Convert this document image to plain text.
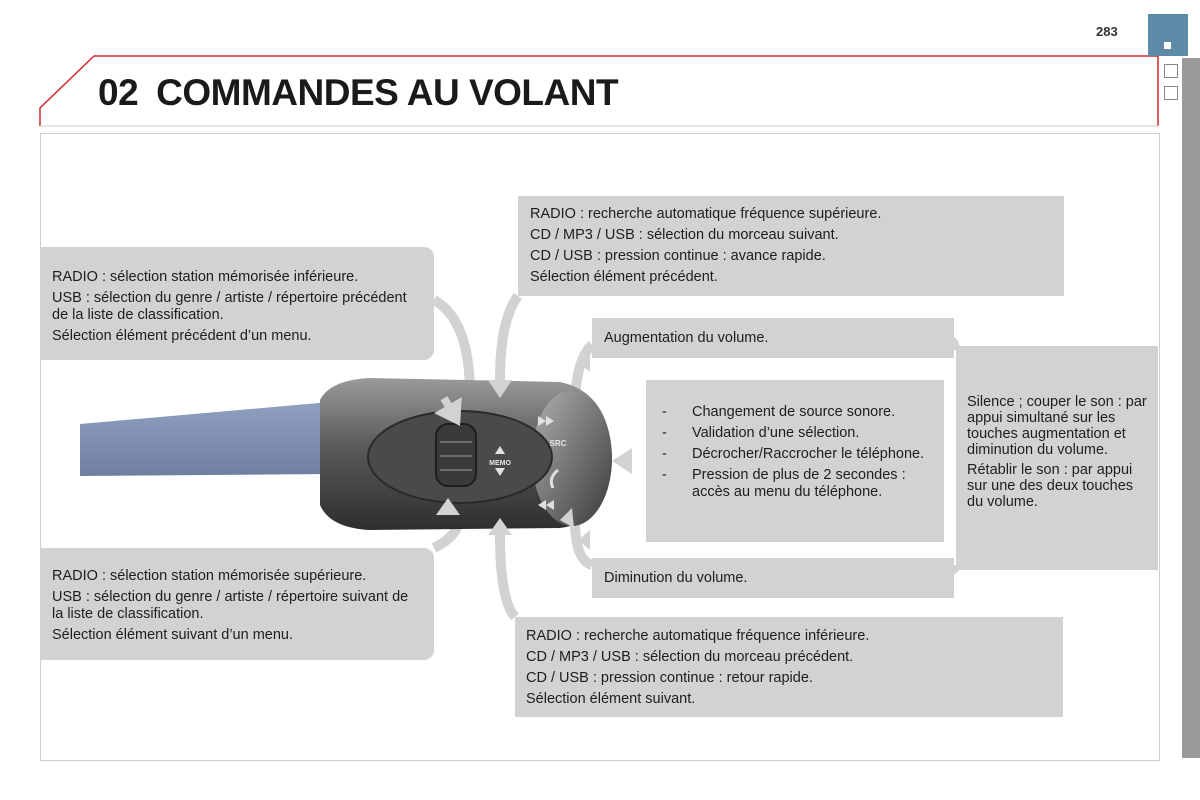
02 COMMANDES AU VOLANT
283

RADIO : sélection station mémorisée inférieure.

USB : sélection du genre / artiste / répertoire précédent de la liste de classification.

Sélection élément précédent d’un menu.

RADIO : sélection station mémorisée supérieure.

USB : sélection du genre / artiste / répertoire suivant de la liste de classification.

Sélection élément suivant d’un menu.

RADIO : recherche automatique fréquence supérieure.

CD / MP3 / USB : sélection du morceau suivant.

CD / USB : pression continue : avance rapide.

Sélection élément précédent.

RADIO : recherche automatique fréquence inférieure.

CD / MP3 / USB : sélection du morceau précédent.

CD / USB : pression continue : retour rapide.

Sélection élément suivant.

Augmentation du volume.

Diminution du volume.

- Changement de source sonore.
- Validation d’une sélection.
- Décrocher/Raccrocher le téléphone.
- Pression de plus de 2 secondes : accès au menu du téléphone.

Silence ; couper le son : par appui simultané sur les touches augmentation et diminution du volume.

Rétablir le son : par appui sur une des deux touches du volume.

MEMO
SRC
